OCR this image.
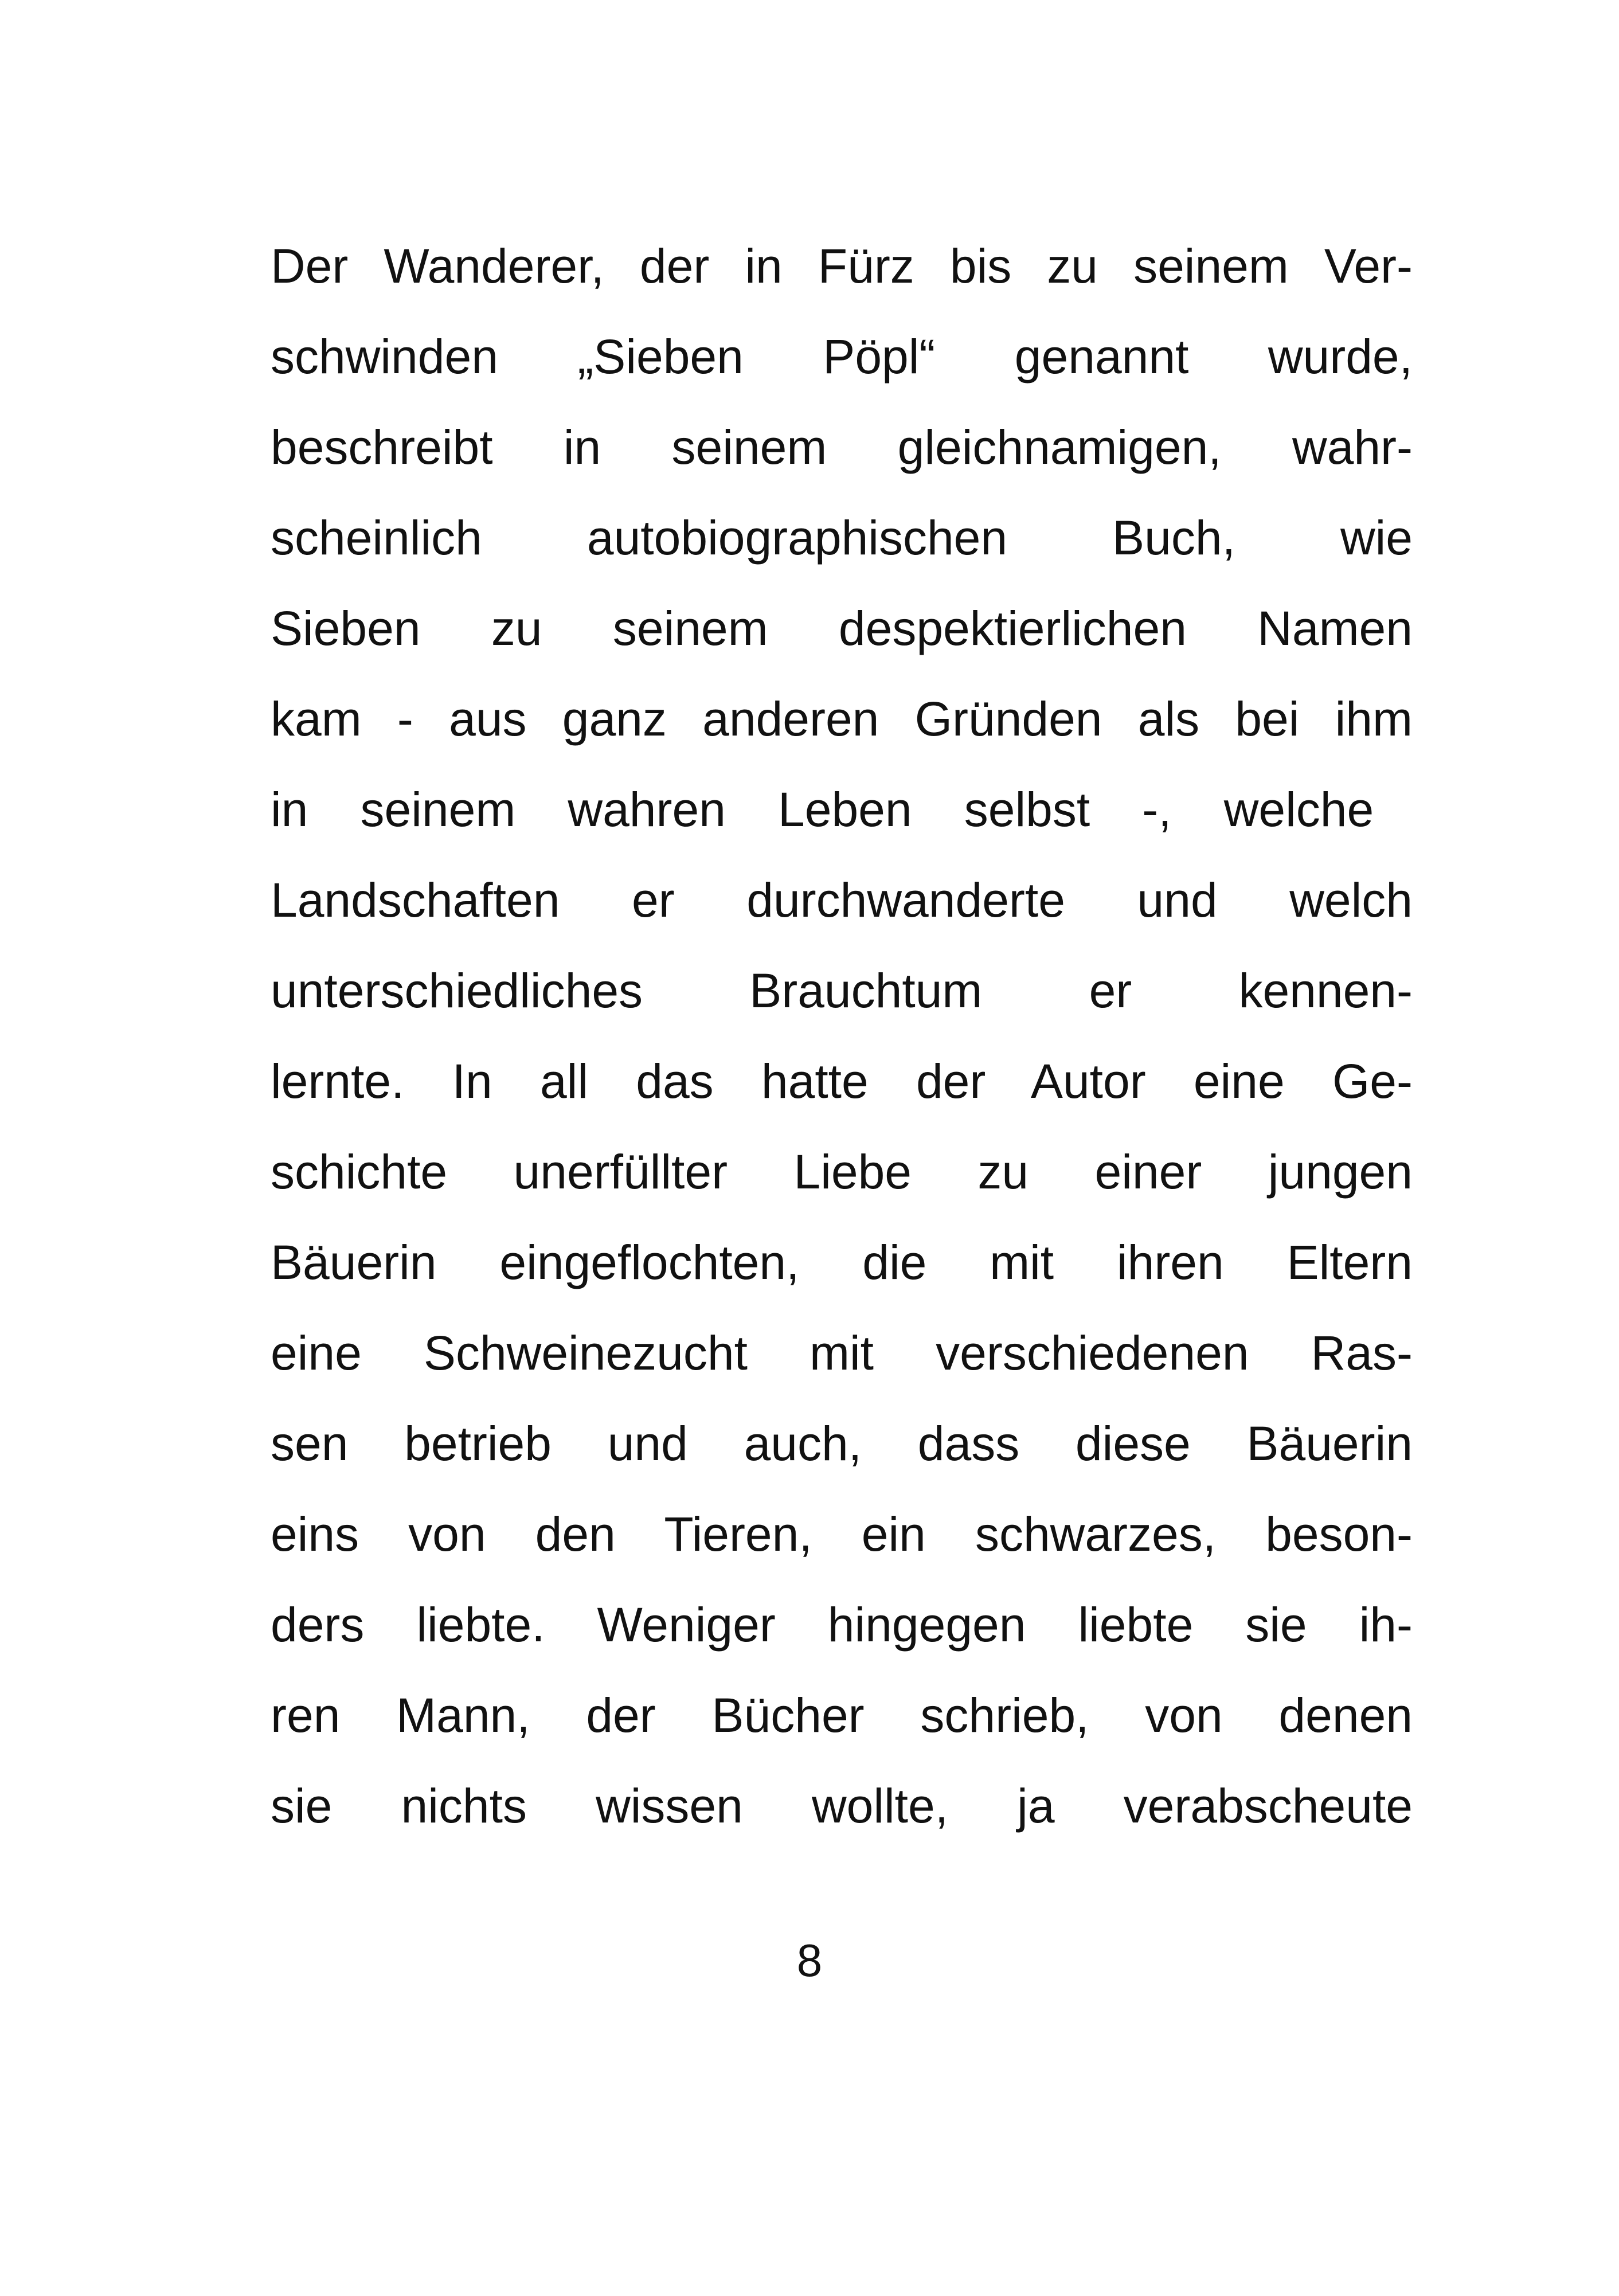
Der Wanderer, der in Fürz bis zu seinem Ver-
schwinden „Sieben Pöpl“ genannt wurde,
beschreibt in seinem gleichnamigen, wahr-
scheinlich autobiographischen Buch, wie
Sieben zu seinem despektierlichen Namen
kam - aus ganz anderen Gründen als bei ihm
in seinem wahren Leben selbst -, welche
Landschaften er durchwanderte und welch
unterschiedliches Brauchtum er kennen-
lernte. In all das hatte der Autor eine Ge-
schichte unerfüllter Liebe zu einer jungen
Bäuerin eingeflochten, die mit ihren Eltern
eine Schweinezucht mit verschiedenen Ras-
sen betrieb und auch, dass diese Bäuerin
eins von den Tieren, ein schwarzes, beson-
ders liebte. Weniger hingegen liebte sie ih-
ren Mann, der Bücher schrieb, von denen
sie nichts wissen wollte, ja verabscheute
8
